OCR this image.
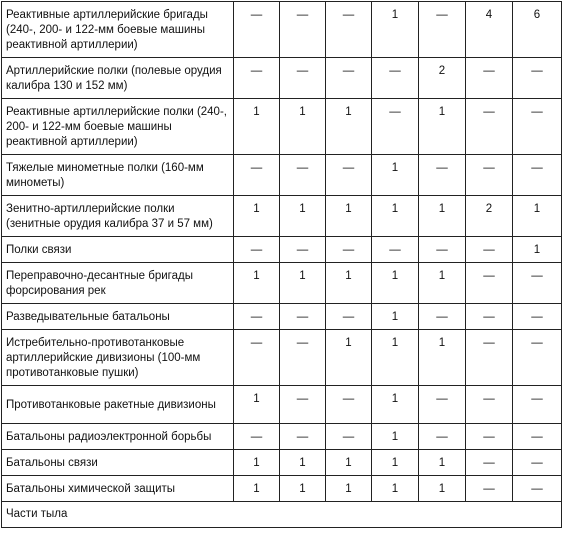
Реактивные артиллерийские бригады (240-, 200- и 122-мм боевые машины реактивной артиллерии)	—	—	—	1	—	4	6
Артиллерийские полки (полевые орудия калибра 130 и 152 мм)	—	—	—	—	2	—	—
Реактивные артиллерийские полки (240-, 200- и 122-мм боевые машины реактивной артиллерии)	1	1	1	—	1	—	—
Тяжелые минометные полки (160-мм минометы)	—	—	—	1	—	—	—
Зенитно-артиллерийские полки (зенитные орудия калибра 37 и 57 мм)	1	1	1	1	1	2	1
Полки связи	—	—	—	—	—	—	1
Переправочно-десантные бригады форсирования рек	1	1	1	1	1	—	—
Разведывательные батальоны	—	—	—	1	—	—	—
Истребительно-противотанковые артиллерийские дивизионы (100-мм противотанковые пушки)	—	—	1	1	1	—	—
Противотанковые ракетные дивизионы	1	—	—	1	—	—	—
Батальоны радиоэлектронной борьбы	—	—	—	1	—	—	—
Батальоны связи	1	1	1	1	1	—	—
Батальоны химической защиты	1	1	1	1	1	—	—
Части тыла							
